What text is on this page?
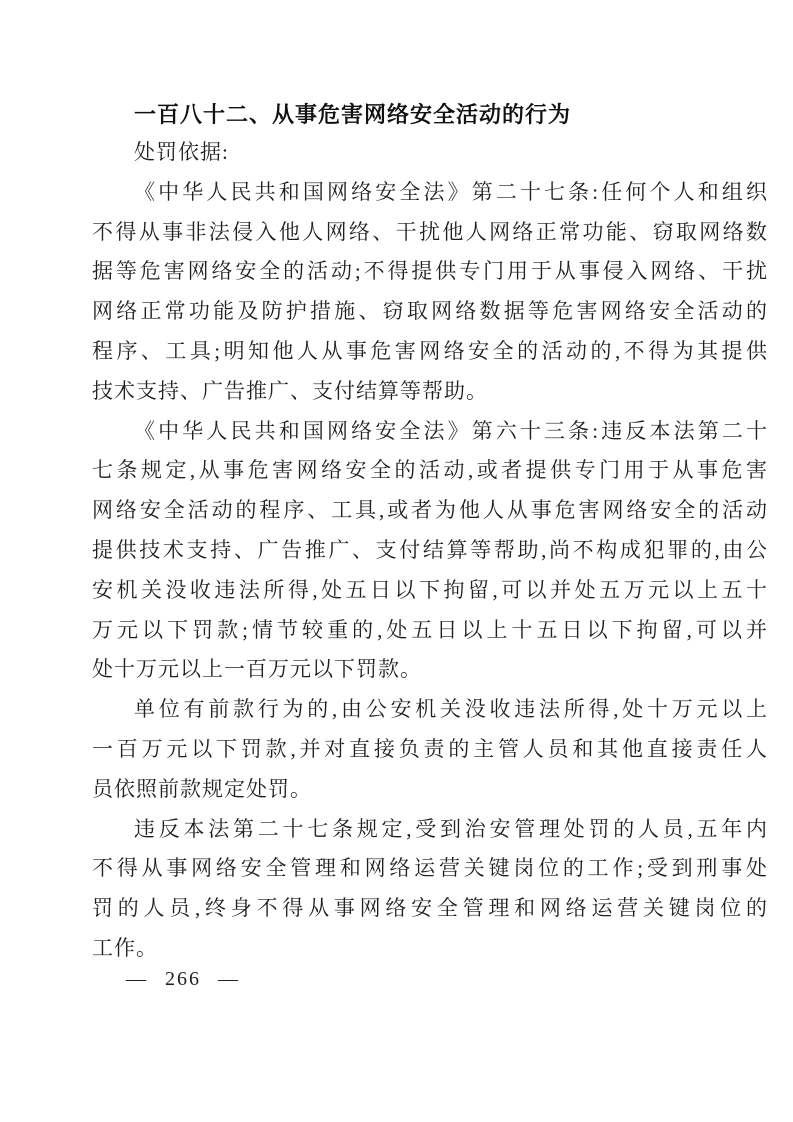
一百八十二、从事危害网络安全活动的行为
处罚依据:
《中华人民共和国网络安全法》第二十七条:任何个人和组织
不得从事非法侵入他人网络、干扰他人网络正常功能、窃取网络数
据等危害网络安全的活动;不得提供专门用于从事侵入网络、干扰
网络正常功能及防护措施、窃取网络数据等危害网络安全活动的
程序、工具;明知他人从事危害网络安全的活动的,不得为其提供
技术支持、广告推广、支付结算等帮助。
《中华人民共和国网络安全法》第六十三条:违反本法第二十
七条规定,从事危害网络安全的活动,或者提供专门用于从事危害
网络安全活动的程序、工具,或者为他人从事危害网络安全的活动
提供技术支持、广告推广、支付结算等帮助,尚不构成犯罪的,由公
安机关没收违法所得,处五日以下拘留,可以并处五万元以上五十
万元以下罚款;情节较重的,处五日以上十五日以下拘留,可以并
处十万元以上一百万元以下罚款。
单位有前款行为的,由公安机关没收违法所得,处十万元以上
一百万元以下罚款,并对直接负责的主管人员和其他直接责任人
员依照前款规定处罚。
违反本法第二十七条规定,受到治安管理处罚的人员,五年内
不得从事网络安全管理和网络运营关键岗位的工作;受到刑事处
罚的人员,终身不得从事网络安全管理和网络运营关键岗位的
工作。
— 266 —
